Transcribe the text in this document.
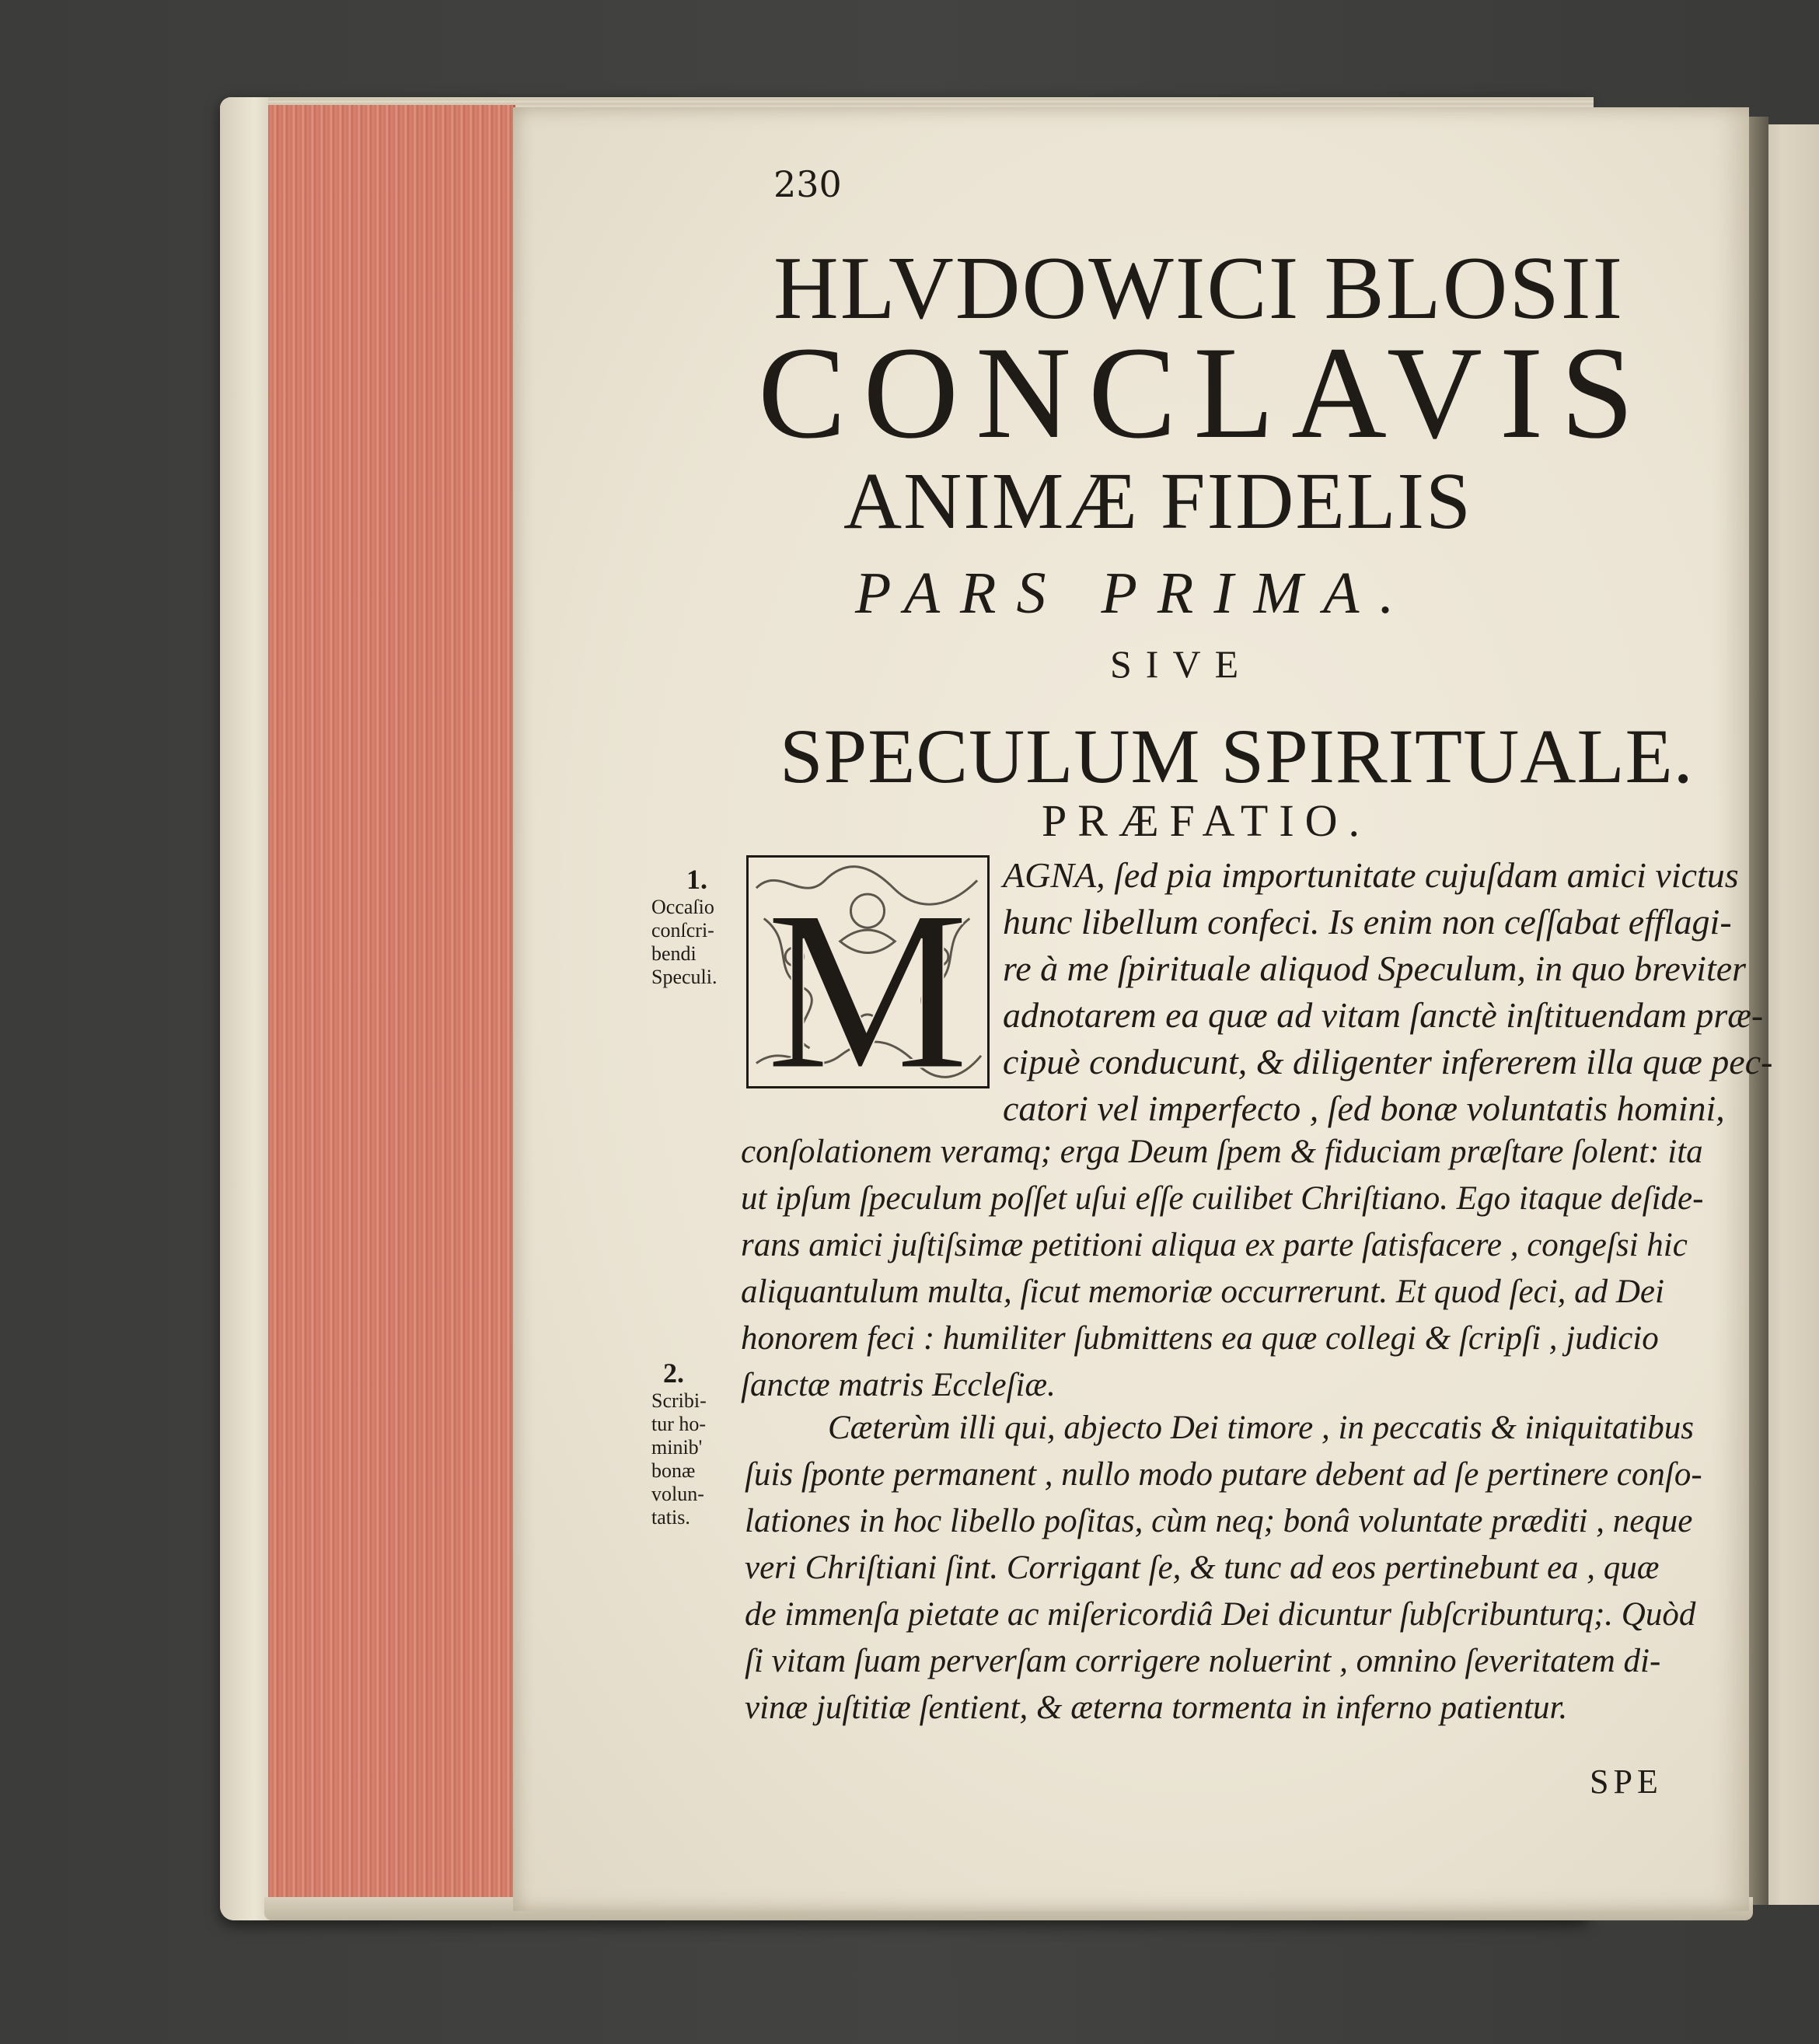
230
HLVDOWICI BLOSII
CONCLAVIS
ANIMÆ FIDELIS
PARS PRIMA.
SIVE
SPECULUM SPIRITUALE.
PRÆFATIO.
1.
Occaſio
conſcri-
bendi
Speculi.
2.
Scribi-
tur ho-
minib'
bonæ
volun-
tatis.
M AGNA, ſed pia importunitate cujuſdam amici victus
hunc libellum confeci. Is enim non ceſſabat efflagi-
re à me ſpirituale aliquod Speculum, in quo breviter
adnotarem ea quæ ad vitam ſanctè inſtituendam præ-
cipuè conducunt, & diligenter infererem illa quæ pec-
catori vel imperfecto , ſed bonæ voluntatis homini,
conſolationem veramq; erga Deum ſpem & fiduciam præſtare ſolent: ita
ut ipſum ſpeculum poſſet uſui eſſe cuilibet Chriſtiano. Ego itaque deſide-
rans amici juſtiſsimæ petitioni aliqua ex parte ſatisfacere , congeſsi hic
aliquantulum multa, ſicut memoriæ occurrerunt. Et quod ſeci, ad Dei
honorem feci : humiliter ſubmittens ea quæ collegi & ſcripſi , judicio
ſanctæ matris Eccleſiæ.
Cæterùm illi qui, abjecto Dei timore , in peccatis & iniquitatibus
ſuis ſponte permanent , nullo modo putare debent ad ſe pertinere conſo-
lationes in hoc libello poſitas, cùm neq; bonâ voluntate præditi , neque
veri Chriſtiani ſint. Corrigant ſe, & tunc ad eos pertinebunt ea , quæ
de immenſa pietate ac miſericordiâ Dei dicuntur ſubſcribunturq;. Quòd
ſi vitam ſuam perverſam corrigere noluerint , omnino ſeveritatem di-
vinæ juſtitiæ ſentient, & æterna tormenta in inferno patientur.
SPE
